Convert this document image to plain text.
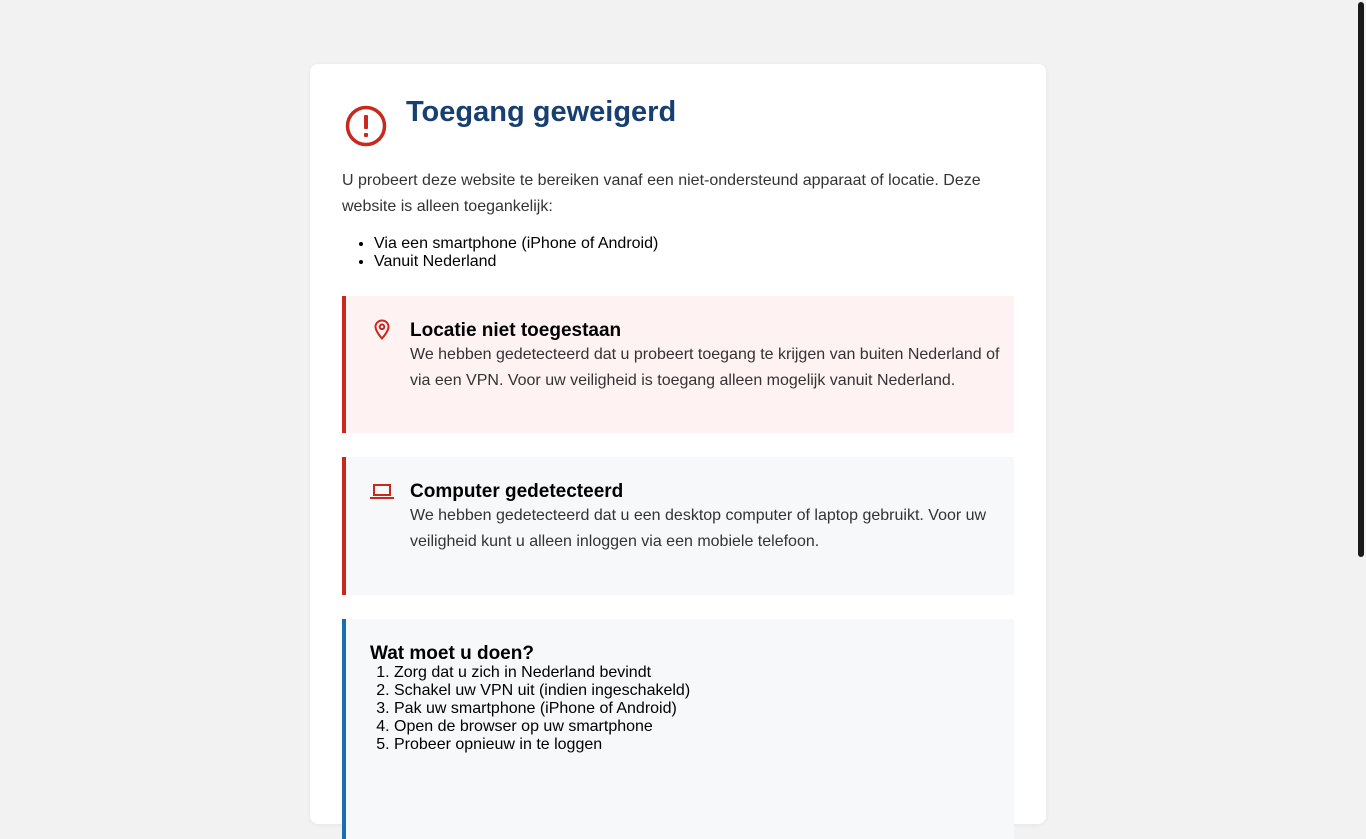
Toegang geweigerd

U probeert deze website te bereiken vanaf een niet-ondersteund apparaat of locatie. Deze website is alleen toegankelijk:

• Via een smartphone (iPhone of Android)
• Vanuit Nederland
Locatie niet toegestaan

We hebben gedetecteerd dat u probeert toegang te krijgen van buiten Nederland of via een VPN. Voor uw veiligheid is toegang alleen mogelijk vanuit Nederland.

Computer gedetecteerd

We hebben gedetecteerd dat u een desktop computer of laptop gebruikt. Voor uw veiligheid kunt u alleen inloggen via een mobiele telefoon.

Wat moet u doen?
1. Zorg dat u zich in Nederland bevindt
2. Schakel uw VPN uit (indien ingeschakeld)
3. Pak uw smartphone (iPhone of Android)
4. Open de browser op uw smartphone
5. Probeer opnieuw in te loggen
